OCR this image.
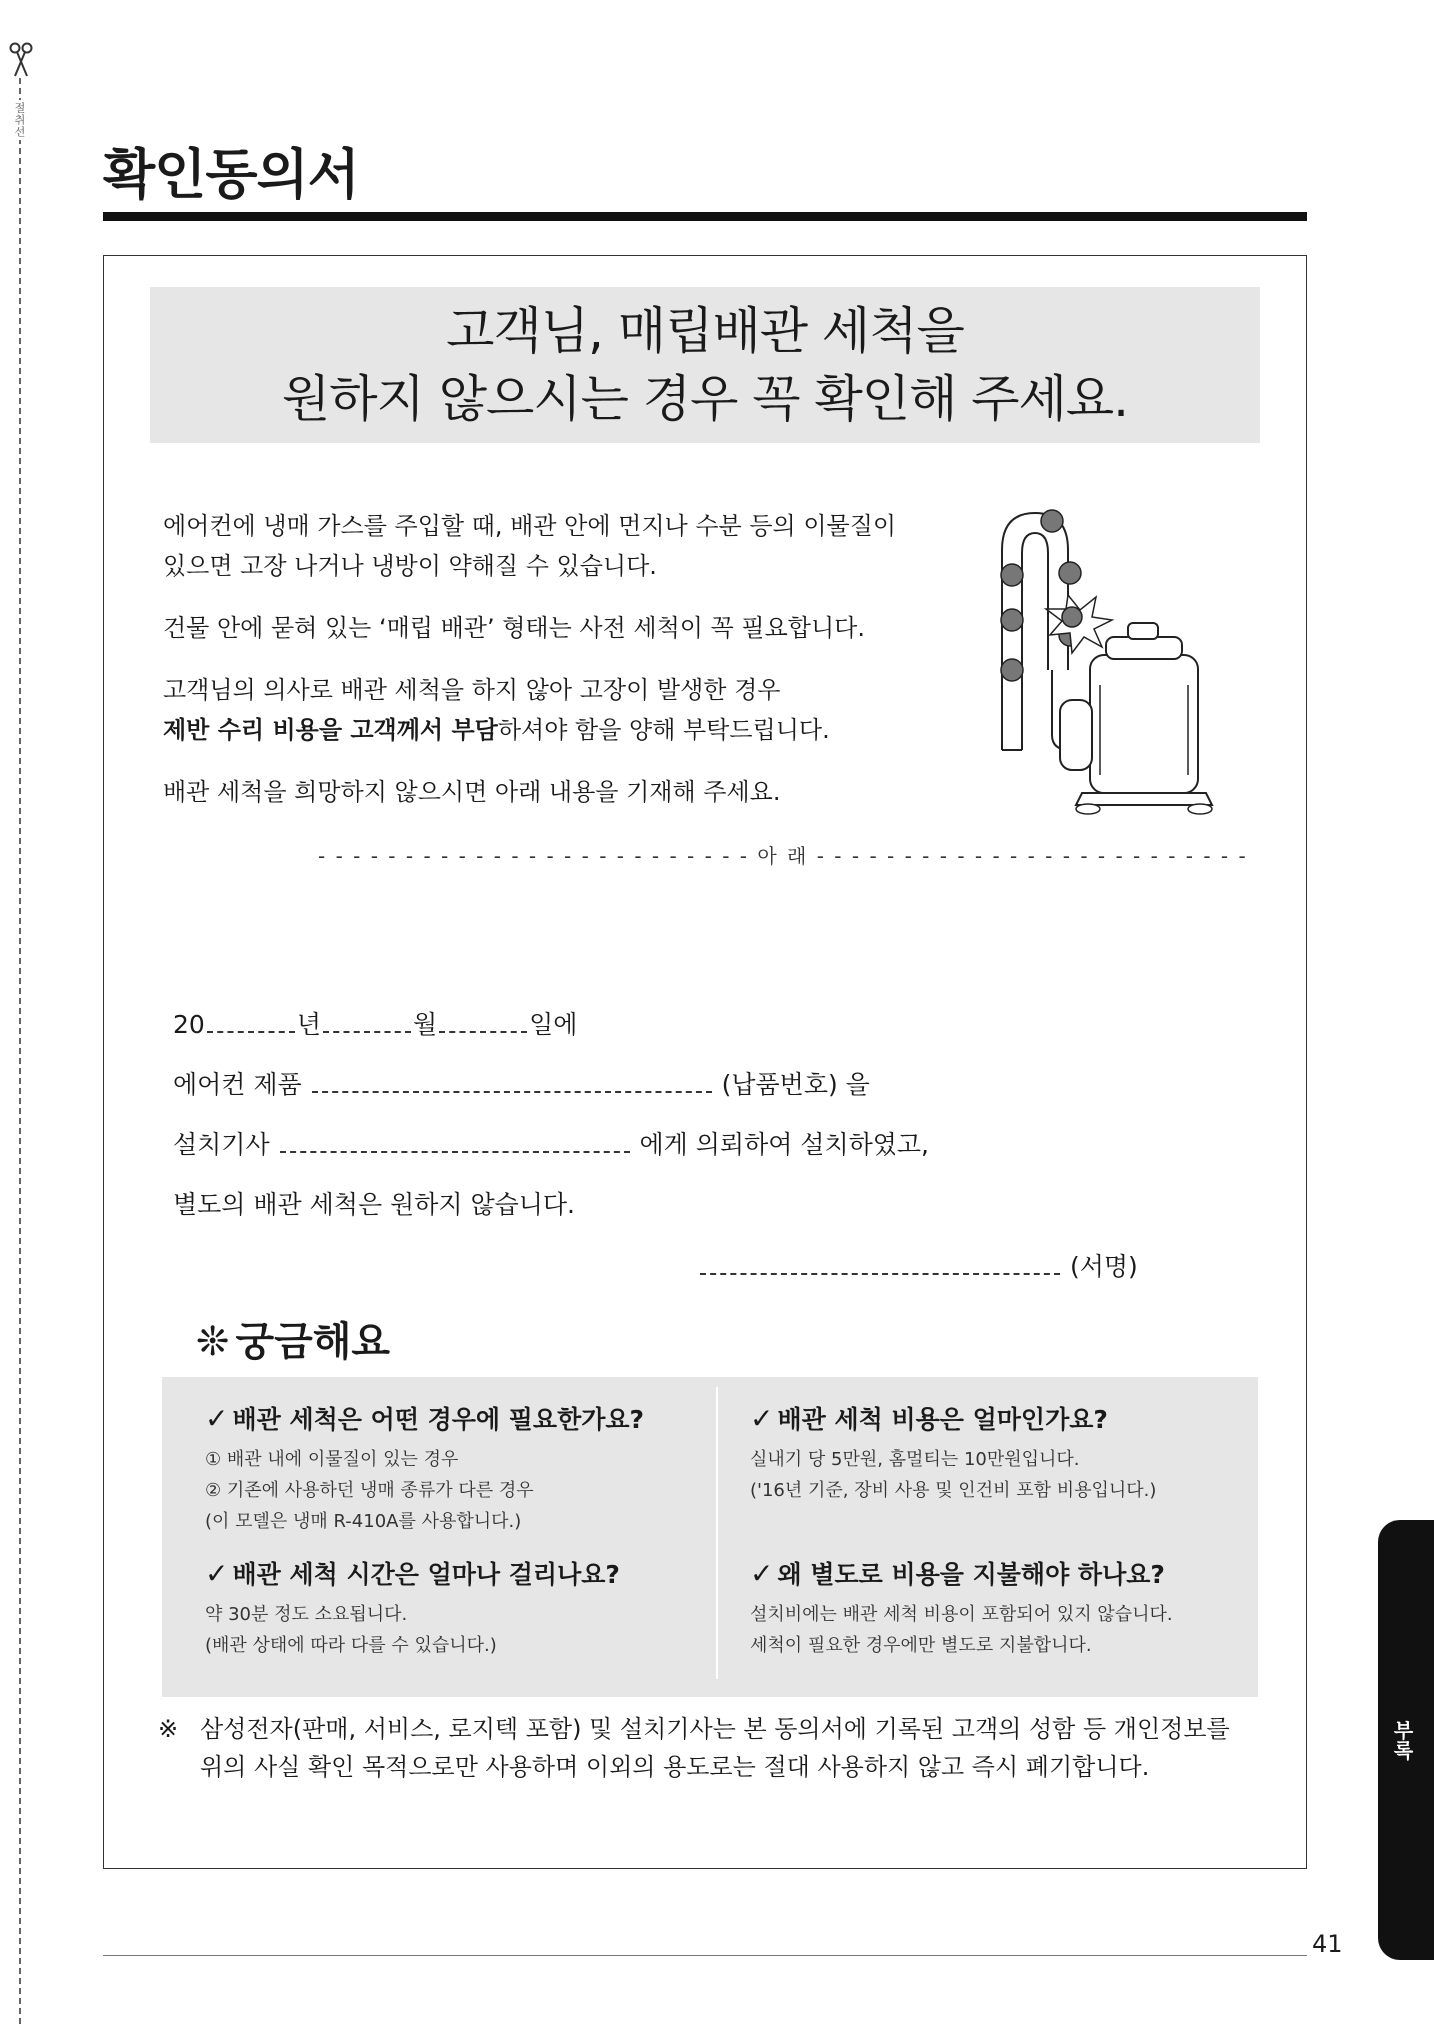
절취선
확인동의서
고객님, 매립배관 세척을
원하지 않으시는 경우 꼭 확인해 주세요.

에어컨에 냉매 가스를 주입할 때, 배관 안에 먼지나 수분 등의 이물질이
있으면 고장 나거나 냉방이 약해질 수 있습니다.

건물 안에 묻혀 있는 ‘매립 배관’ 형태는 사전 세척이 꼭 필요합니다.

고객님의 의사로 배관 세척을 하지 않아 고장이 발생한 경우
제반 수리 비용을 고객께서 부담하셔야 함을 양해 부탁드립니다.

배관 세척을 희망하지 않으시면 아래 내용을 기재해 주세요.

- - - - - - - - - - - - - - - - - - - - - - - - - 아 래 - - - - - - - - - - - - - - - - - - - - - - - - -
20	년	월	일에
에어컨 제품	(납품번호) 을
설치기사	에게 의뢰하여 설치하였고,
별도의 배관 세척은 원하지 않습니다.
(서명)
❊ 궁금해요
✓ 배관 세척은 어떤 경우에 필요한가요?
① 배관 내에 이물질이 있는 경우
② 기존에 사용하던 냉매 종류가 다른 경우
(이 모델은 냉매 R-410A를 사용합니다.)
✓ 배관 세척 비용은 얼마인가요?
실내기 당 5만원, 홈멀티는 10만원입니다.
('16년 기준, 장비 사용 및 인건비 포함 비용입니다.)
✓ 배관 세척 시간은 얼마나 걸리나요?
약 30분 정도 소요됩니다.
(배관 상태에 따라 다를 수 있습니다.)
✓ 왜 별도로 비용을 지불해야 하나요?
설치비에는 배관 세척 비용이 포함되어 있지 않습니다.
세척이 필요한 경우에만 별도로 지불합니다.
※ 삼성전자(판매, 서비스, 로지텍 포함) 및 설치기사는 본 동의서에 기록된 고객의 성함 등 개인정보를
위의 사실 확인 목적으로만 사용하며 이외의 용도로는 절대 사용하지 않고 즉시 폐기합니다.
41
부록
